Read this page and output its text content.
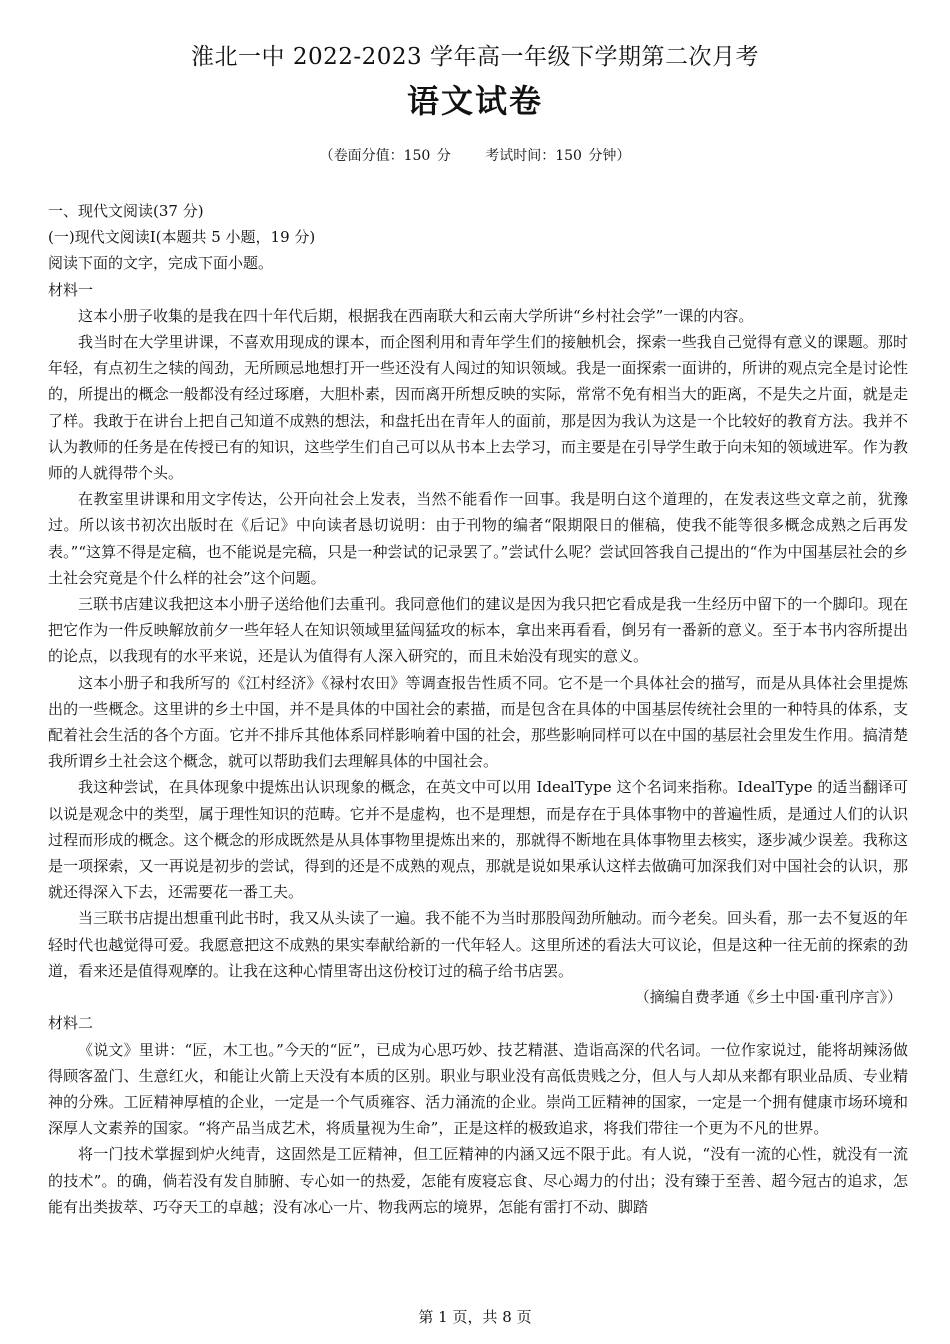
淮北一中 2022-2023 学年高一年级下学期第二次月考
语文试卷
（卷面分值：150 分 考试时间：150 分钟）

一、现代文阅读(37 分)

(一)现代文阅读Ⅰ(本题共 5 小题，19 分)

阅读下面的文字，完成下面小题。

材料一

这本小册子收集的是我在四十年代后期，根据我在西南联大和云南大学所讲“乡村社会学”一课的内容。

我当时在大学里讲课，不喜欢用现成的课本，而企图利用和青年学生们的接触机会，探索一些我自己觉得有意义的课题。那时年轻，有点初生之犊的闯劲，无所顾忌地想打开一些还没有人闯过的知识领域。我是一面探索一面讲的，所讲的观点完全是讨论性的，所提出的概念一般都没有经过琢磨，大胆朴素，因而离开所想反映的实际，常常不免有相当大的距离，不是失之片面，就是走了样。我敢于在讲台上把自己知道不成熟的想法，和盘托出在青年人的面前，那是因为我认为这是一个比较好的教育方法。我并不认为教师的任务是在传授已有的知识，这些学生们自己可以从书本上去学习，而主要是在引导学生敢于向未知的领域进军。作为教师的人就得带个头。

在教室里讲课和用文字传达，公开向社会上发表，当然不能看作一回事。我是明白这个道理的，在发表这些文章之前，犹豫过。所以该书初次出版时在《后记》中向读者恳切说明：由于刊物的编者“限期限日的催稿，使我不能等很多概念成熟之后再发表。”“这算不得是定稿，也不能说是完稿，只是一种尝试的记录罢了。”尝试什么呢？尝试回答我自己提出的“作为中国基层社会的乡土社会究竟是个什么样的社会”这个问题。

三联书店建议我把这本小册子送给他们去重刊。我同意他们的建议是因为我只把它看成是我一生经历中留下的一个脚印。现在把它作为一件反映解放前夕一些年轻人在知识领域里猛闯猛攻的标本，拿出来再看看，倒另有一番新的意义。至于本书内容所提出的论点，以我现有的水平来说，还是认为值得有人深入研究的，而且未始没有现实的意义。

这本小册子和我所写的《江村经济》《禄村农田》等调查报告性质不同。它不是一个具体社会的描写，而是从具体社会里提炼出的一些概念。这里讲的乡土中国，并不是具体的中国社会的素描，而是包含在具体的中国基层传统社会里的一种特具的体系，支配着社会生活的各个方面。它并不排斥其他体系同样影响着中国的社会，那些影响同样可以在中国的基层社会里发生作用。搞清楚我所谓乡土社会这个概念，就可以帮助我们去理解具体的中国社会。

我这种尝试，在具体现象中提炼出认识现象的概念，在英文中可以用 IdealType 这个名词来指称。IdealType 的适当翻译可以说是观念中的类型，属于理性知识的范畴。它并不是虚构，也不是理想，而是存在于具体事物中的普遍性质，是通过人们的认识过程而形成的概念。这个概念的形成既然是从具体事物里提炼出来的，那就得不断地在具体事物里去核实，逐步减少误差。我称这是一项探索，又一再说是初步的尝试，得到的还是不成熟的观点，那就是说如果承认这样去做确可加深我们对中国社会的认识，那就还得深入下去，还需要花一番工夫。

当三联书店提出想重刊此书时，我又从头读了一遍。我不能不为当时那股闯劲所触动。而今老矣。回头看，那一去不复返的年轻时代也越觉得可爱。我愿意把这不成熟的果实奉献给新的一代年轻人。这里所述的看法大可议论，但是这种一往无前的探索的劲道，看来还是值得观摩的。让我在这种心情里寄出这份校订过的稿子给书店罢。

（摘编自费孝通《乡土中国·重刊序言》）

材料二

《说文》里讲：“匠，木工也。”今天的“匠”，已成为心思巧妙、技艺精湛、造诣高深的代名词。一位作家说过，能将胡辣汤做得顾客盈门、生意红火，和能让火箭上天没有本质的区别。职业与职业没有高低贵贱之分，但人与人却从来都有职业品质、专业精神的分殊。工匠精神厚植的企业，一定是一个气质雍容、活力涌流的企业。崇尚工匠精神的国家，一定是一个拥有健康市场环境和深厚人文素养的国家。“将产品当成艺术，将质量视为生命”，正是这样的极致追求，将我们带往一个更为不凡的世界。

将一门技术掌握到炉火纯青，这固然是工匠精神，但工匠精神的内涵又远不限于此。有人说，“没有一流的心性，就没有一流的技术”。的确，倘若没有发自肺腑、专心如一的热爱，怎能有废寝忘食、尽心竭力的付出；没有臻于至善、超今冠古的追求，怎能有出类拔萃、巧夺天工的卓越；没有冰心一片、物我两忘的境界，怎能有雷打不动、脚踏

第 1 页，共 8 页
